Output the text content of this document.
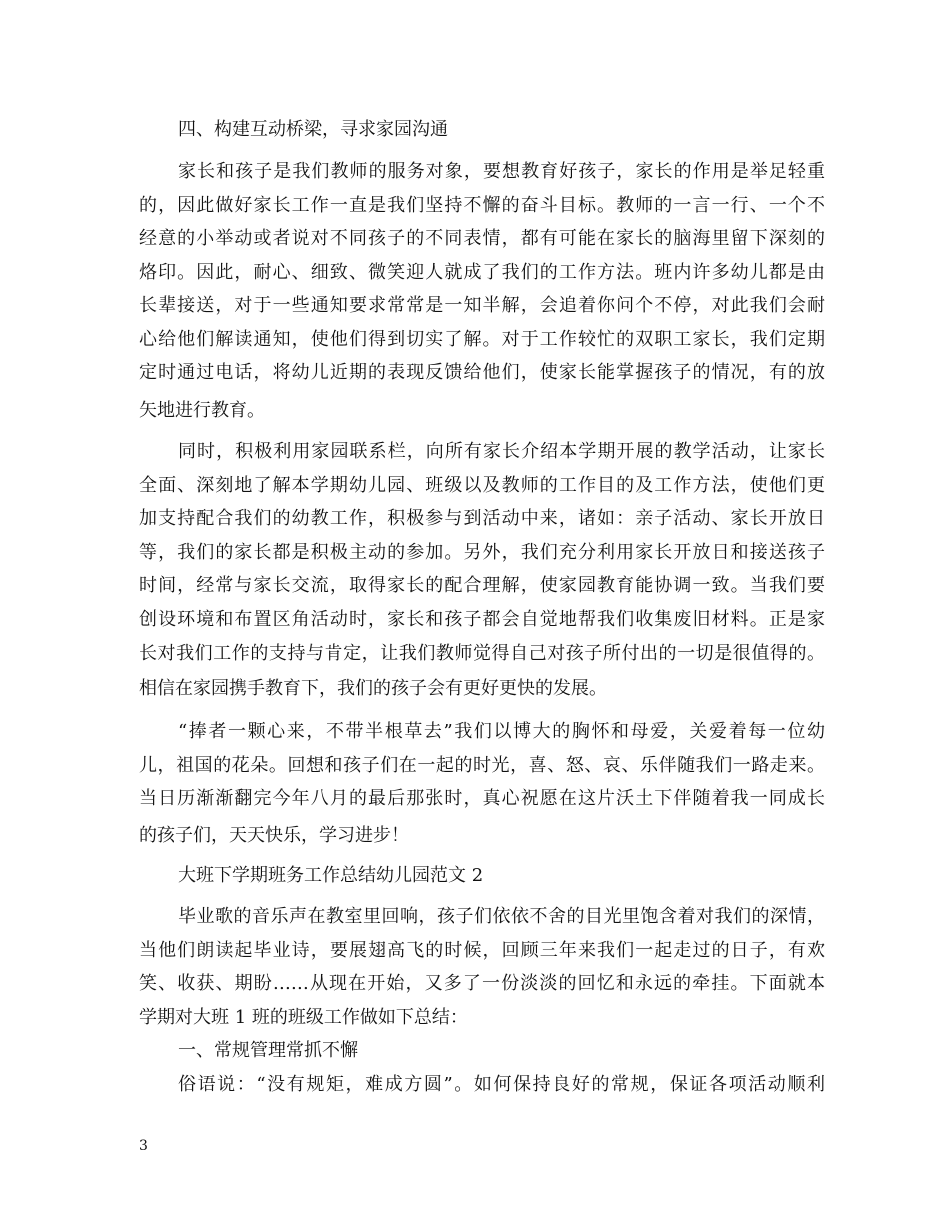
四、构建互动桥梁，寻求家园沟通
家长和孩子是我们教师的服务对象，要想教育好孩子，家长的作用是举足轻重
的，因此做好家长工作一直是我们坚持不懈的奋斗目标。教师的一言一行、一个不
经意的小举动或者说对不同孩子的不同表情，都有可能在家长的脑海里留下深刻的
烙印。因此，耐心、细致、微笑迎人就成了我们的工作方法。班内许多幼儿都是由
长辈接送，对于一些通知要求常常是一知半解，会追着你问个不停，对此我们会耐
心给他们解读通知，使他们得到切实了解。对于工作较忙的双职工家长，我们定期
定时通过电话，将幼儿近期的表现反馈给他们，使家长能掌握孩子的情况，有的放
矢地进行教育。
同时，积极利用家园联系栏，向所有家长介绍本学期开展的教学活动，让家长
全面、深刻地了解本学期幼儿园、班级以及教师的工作目的及工作方法，使他们更
加支持配合我们的幼教工作，积极参与到活动中来，诸如：亲子活动、家长开放日
等，我们的家长都是积极主动的参加。另外，我们充分利用家长开放日和接送孩子
时间，经常与家长交流，取得家长的配合理解，使家园教育能协调一致。当我们要
创设环境和布置区角活动时，家长和孩子都会自觉地帮我们收集废旧材料。正是家
长对我们工作的支持与肯定，让我们教师觉得自己对孩子所付出的一切是很值得的。
相信在家园携手教育下，我们的孩子会有更好更快的发展。
“捧者一颗心来，不带半根草去”我们以博大的胸怀和母爱，关爱着每一位幼
儿，祖国的花朵。回想和孩子们在一起的时光，喜、怒、哀、乐伴随我们一路走来。
当日历渐渐翻完今年八月的最后那张时，真心祝愿在这片沃土下伴随着我一同成长
的孩子们，天天快乐，学习进步！
大班下学期班务工作总结幼儿园范文 2
毕业歌的音乐声在教室里回响，孩子们依依不舍的目光里饱含着对我们的深情，
当他们朗读起毕业诗，要展翅高飞的时候，回顾三年来我们一起走过的日子，有欢
笑、收获、期盼……从现在开始，又多了一份淡淡的回忆和永远的牵挂。下面就本
学期对大班 1 班的班级工作做如下总结：
一、常规管理常抓不懈
俗语说：“没有规矩，难成方圆”。如何保持良好的常规，保证各项活动顺利
3
